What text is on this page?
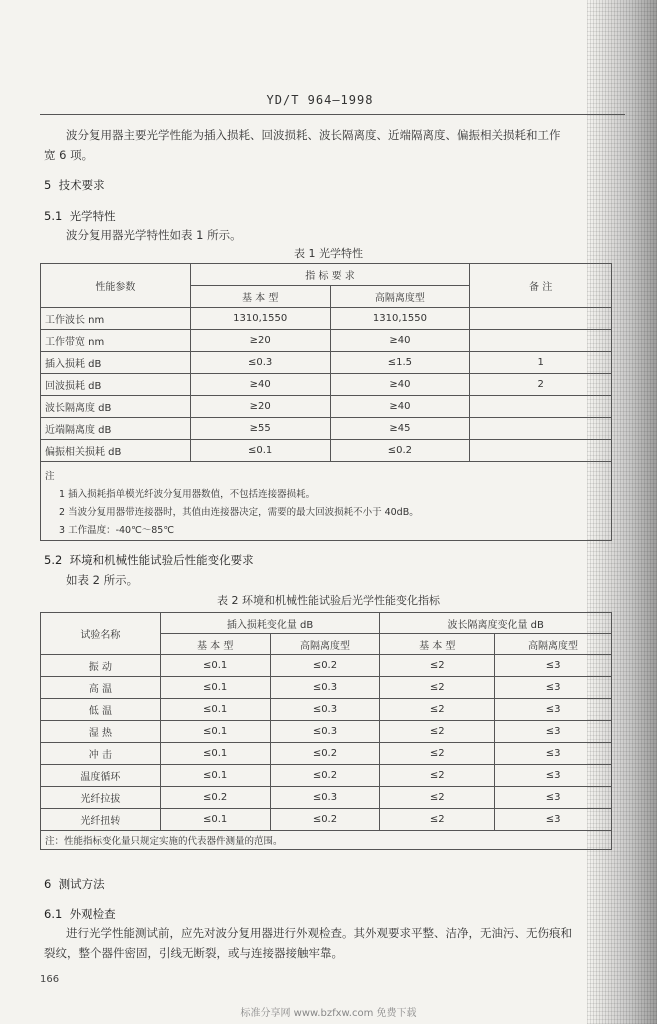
YD/T 964—1998
波分复用器主要光学性能为插入损耗、回波损耗、波长隔离度、近端隔离度、偏振相关损耗和工作
宽 6 项。
5 技术要求
5.1 光学特性
波分复用器光学特性如表 1 所示。
表 1 光学特性
性能参数	指 标 要 求		备 注
	基 本 型	高隔离度型	
工作波长 nm	1310,1550	1310,1550	
工作带宽 nm	≥20	≥40	
插入损耗 dB	≤0.3	≤1.5	1
回波损耗 dB	≥40	≥40	2
波长隔离度 dB	≥20	≥40	
近端隔离度 dB	≥55	≥45	
偏振相关损耗 dB	≤0.1	≤0.2	

注
1 插入损耗指单模光纤波分复用器数值，不包括连接器损耗。
2 当波分复用器带连接器时，其值由连接器决定，需要的最大回波损耗不小于 40dB。
3 工作温度：-40℃～85℃			
5.2 环境和机械性能试验后性能变化要求
如表 2 所示。
表 2 环境和机械性能试验后光学性能变化指标
试验名称	插入损耗变化量 dB		波长隔离度变化量 dB	
	基 本 型	高隔离度型	基 本 型	高隔离度型
振 动	≤0.1	≤0.2	≤2	≤3
高 温	≤0.1	≤0.3	≤2	≤3
低 温	≤0.1	≤0.3	≤2	≤3
湿 热	≤0.1	≤0.3	≤2	≤3
冲 击	≤0.1	≤0.2	≤2	≤3
温度循环	≤0.1	≤0.2	≤2	≤3
光纤拉拔	≤0.2	≤0.3	≤2	≤3
光纤扭转	≤0.1	≤0.2	≤2	≤3
注：性能指标变化量只规定实施的代表器件测量的范围。				
6 测试方法
6.1 外观检查
进行光学性能测试前，应先对波分复用器进行外观检查。其外观要求平整、洁净，无油污、无伤痕和
裂纹，整个器件密固，引线无断裂，或与连接器接触牢靠。
166
标准分享网 www.bzfxw.com 免费下载
